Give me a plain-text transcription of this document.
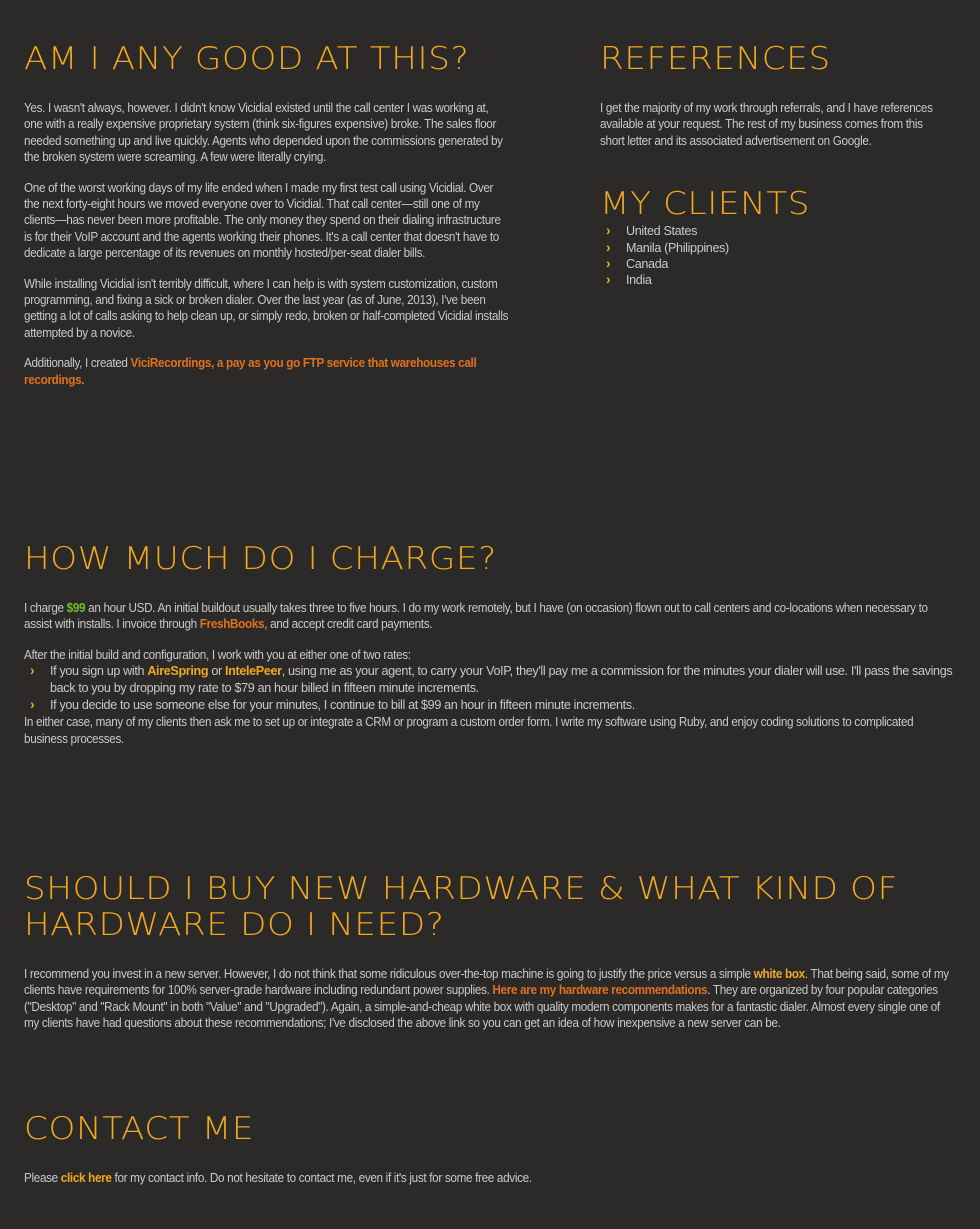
AM I ANY GOOD AT THIS?

Yes. I wasn't always, however. I didn't know Vicidial existed until the call center I was working at, one with a really expensive proprietary system (think six-figures expensive) broke. The sales floor needed something up and live quickly. Agents who depended upon the commissions generated by the broken system were screaming. A few were literally crying.

One of the worst working days of my life ended when I made my first test call using Vicidial. Over the next forty-eight hours we moved everyone over to Vicidial. That call center—still one of my clients—has never been more profitable. The only money they spend on their dialing infrastructure is for their VoIP account and the agents working their phones. It's a call center that doesn't have to dedicate a large percentage of its revenues on monthly hosted/per-seat dialer bills.

While installing Vicidial isn't terribly difficult, where I can help is with system customization, custom programming, and fixing a sick or broken dialer. Over the last year (as of June, 2013), I've been getting a lot of calls asking to help clean up, or simply redo, broken or half-completed Vicidial installs attempted by a novice.

Additionally, I created ViciRecordings, a pay as you go FTP service that warehouses call recordings.

REFERENCES

I get the majority of my work through referrals, and I have references available at your request. The rest of my business comes from this short letter and its associated advertisement on Google.

MY CLIENTS
› United States
› Manila (Philippines)
› Canada
› India
HOW MUCH DO I CHARGE?

I charge $99 an hour USD. An initial buildout usually takes three to five hours. I do my work remotely, but I have (on occasion) flown out to call centers and co-locations when necessary to assist with installs. I invoice through FreshBooks, and accept credit card payments.

After the initial build and configuration, I work with you at either one of two rates:

› If you sign up with AireSpring or IntelePeer, using me as your agent, to carry your VoIP, they'll pay me a commission for the minutes your dialer will use. I'll pass the savings back to you by dropping my rate to $79 an hour billed in fifteen minute increments.
› If you decide to use someone else for your minutes, I continue to bill at $99 an hour in fifteen minute increments.

In either case, many of my clients then ask me to set up or integrate a CRM or program a custom order form. I write my software using Ruby, and enjoy coding solutions to complicated business processes.

SHOULD I BUY NEW HARDWARE & WHAT KIND OF HARDWARE DO I NEED?

I recommend you invest in a new server. However, I do not think that some ridiculous over-the-top machine is going to justify the price versus a simple white box. That being said, some of my clients have requirements for 100% server-grade hardware including redundant power supplies. Here are my hardware recommendations. They are organized by four popular categories ("Desktop" and "Rack Mount" in both "Value" and "Upgraded"). Again, a simple-and-cheap white box with quality modern components makes for a fantastic dialer. Almost every single one of my clients have had questions about these recommendations; I've disclosed the above link so you can get an idea of how inexpensive a new server can be.

CONTACT ME

Please click here for my contact info. Do not hesitate to contact me, even if it's just for some free advice.
